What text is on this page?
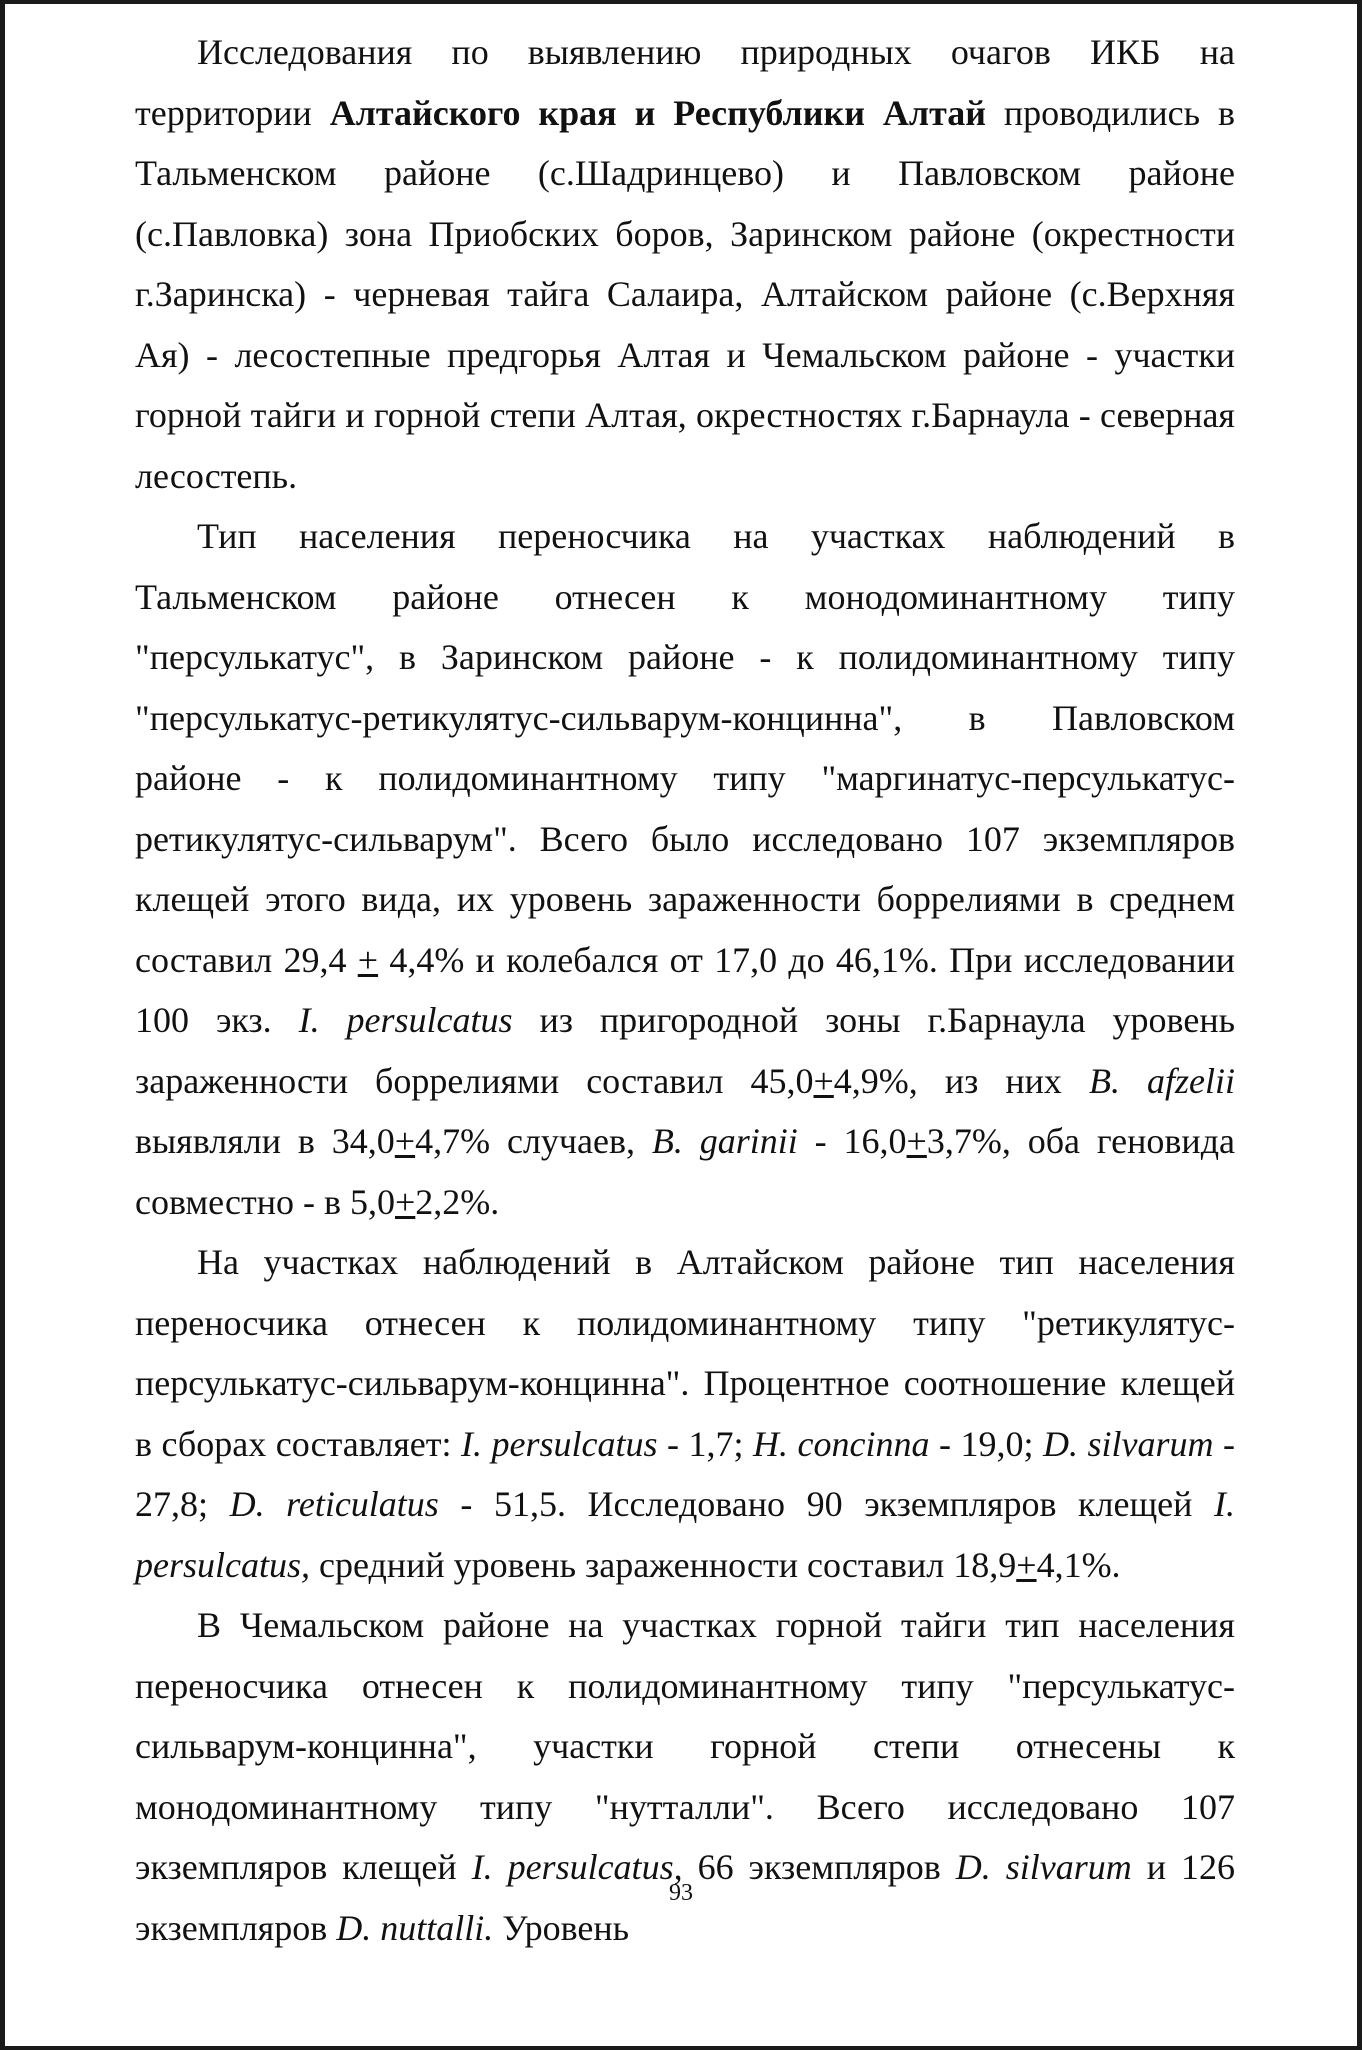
Исследования по выявлению природных очагов ИКБ на территории Алтайского края и Республики Алтай проводились в Тальменском районе (с.Шадринцево) и Павловском районе (с.Павловка) зона Приобских боров, Заринском районе (окрестности г.Заринска) - черневая тайга Салаира, Алтайском районе (с.Верхняя Ая) - лесостепные предгорья Алтая и Чемальском районе - участки горной тайги и горной степи Алтая, окрестностях г.Барнаула - северная лесостепь.

Тип населения переносчика на участках наблюдений в Тальменском районе отнесен к монодоминантному типу "персулькатус", в Заринском районе - к полидоминантному типу "персулькатус-ретикулятус-сильварум-концинна", в Павловском районе - к полидоминантному типу "маргинатус-персулькатус-ретикулятус-сильварум". Всего было исследовано 107 экземпляров клещей этого вида, их уровень зараженности боррелиями в среднем составил 29,4 + 4,4% и колебался от 17,0 до 46,1%. При исследовании 100 экз. I. persulcatus из пригородной зоны г.Барнаула уровень зараженности боррелиями составил 45,0+4,9%, из них B. afzelii выявляли в 34,0+4,7% случаев, B. garinii - 16,0+3,7%, оба геновида совместно - в 5,0+2,2%.

На участках наблюдений в Алтайском районе тип населения переносчика отнесен к полидоминантному типу "ретикулятус-персулькатус-сильварум-концинна". Процентное соотношение клещей в сборах составляет: I. persulcatus - 1,7; H. concinna - 19,0; D. silvarum - 27,8; D. reticulatus - 51,5. Исследовано 90 экземпляров клещей I. persulcatus, средний уровень зараженности составил 18,9+4,1%.

В Чемальском районе на участках горной тайги тип населения переносчика отнесен к полидоминантному типу "персулькатус-сильварум-концинна", участки горной степи отнесены к монодоминантному типу "нутталли". Всего исследовано 107 экземпляров клещей I. persulcatus, 66 экземпляров D. silvarum и 126 экземпляров D. nuttalli. Уровень

93
